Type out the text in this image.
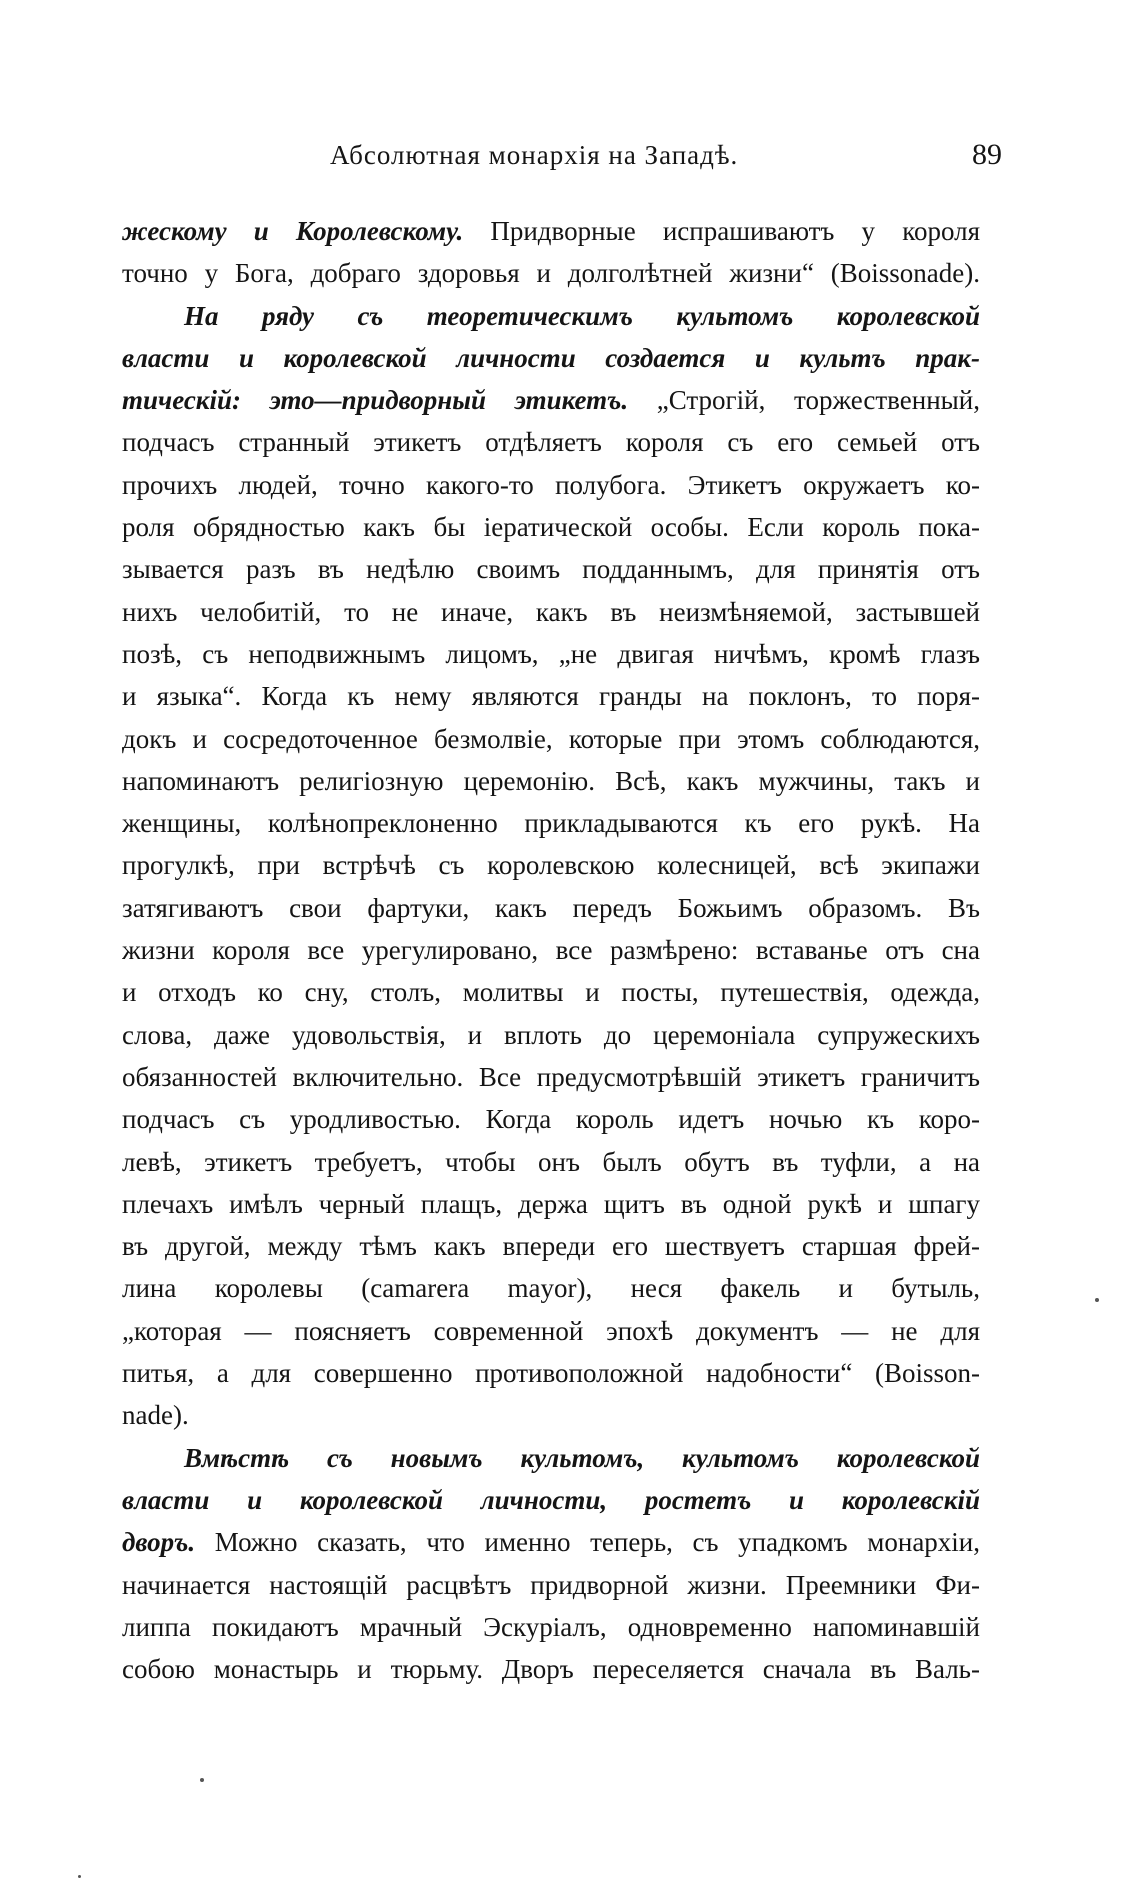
Абсолютная монархія на Западѣ.	89
жескому и Королевскому. Придворные испрашиваютъ у короля
точно у Бога, добраго здоровья и долголѣтней жизни“ (Boissonade).
На ряду съ теоретическимъ культомъ королевской
власти и королевской личности создается и культъ прак-
тическій: это—придворный этикетъ. „Строгій, торжественный,
подчасъ странный этикетъ отдѣляетъ короля съ его семьей отъ
прочихъ людей, точно какого-то полубога. Этикетъ окружаетъ ко-
роля обрядностью какъ бы іератической особы. Если король пока-
зывается разъ въ недѣлю своимъ подданнымъ, для принятія отъ
нихъ челобитій, то не иначе, какъ въ неизмѣняемой, застывшей
позѣ, съ неподвижнымъ лицомъ, „не двигая ничѣмъ, кромѣ глазъ
и языка“. Когда къ нему являются гранды на поклонъ, то поря-
докъ и сосредоточенное безмолвіе, которые при этомъ соблюдаются,
напоминаютъ религіозную церемонію. Всѣ, какъ мужчины, такъ и
женщины, колѣнопреклоненно прикладываются къ его рукѣ. На
прогулкѣ, при встрѣчѣ съ королевскою колесницей, всѣ экипажи
затягиваютъ свои фартуки, какъ передъ Божьимъ образомъ. Въ
жизни короля все урегулировано, все размѣрено: вставанье отъ сна
и отходъ ко сну, столъ, молитвы и посты, путешествія, одежда,
слова, даже удовольствія, и вплоть до церемоніала супружескихъ
обязанностей включительно. Все предусмотрѣвшій этикетъ граничитъ
подчасъ съ уродливостью. Когда король идетъ ночью къ коро-
левѣ, этикетъ требуетъ, чтобы онъ былъ обутъ въ туфли, а на
плечахъ имѣлъ черный плащъ, держа щитъ въ одной рукѣ и шпагу
въ другой, между тѣмъ какъ впереди его шествуетъ старшая фрей-
лина королевы (camarera mayor), неся факель и бутыль,
„которая — поясняетъ современной эпохѣ документъ — не для
питья, а для совершенно противоположной надобности“ (Boisson-
nade).
Вмѣстѣ съ новымъ культомъ, культомъ королевской
власти и королевской личности, ростетъ и королевскій
дворъ. Можно сказать, что именно теперь, съ упадкомъ монархіи,
начинается настоящій расцвѣтъ придворной жизни. Преемники Фи-
липпа покидаютъ мрачный Эскуріалъ, одновременно напоминавшій
собою монастырь и тюрьму. Дворъ переселяется сначала въ Валь-
